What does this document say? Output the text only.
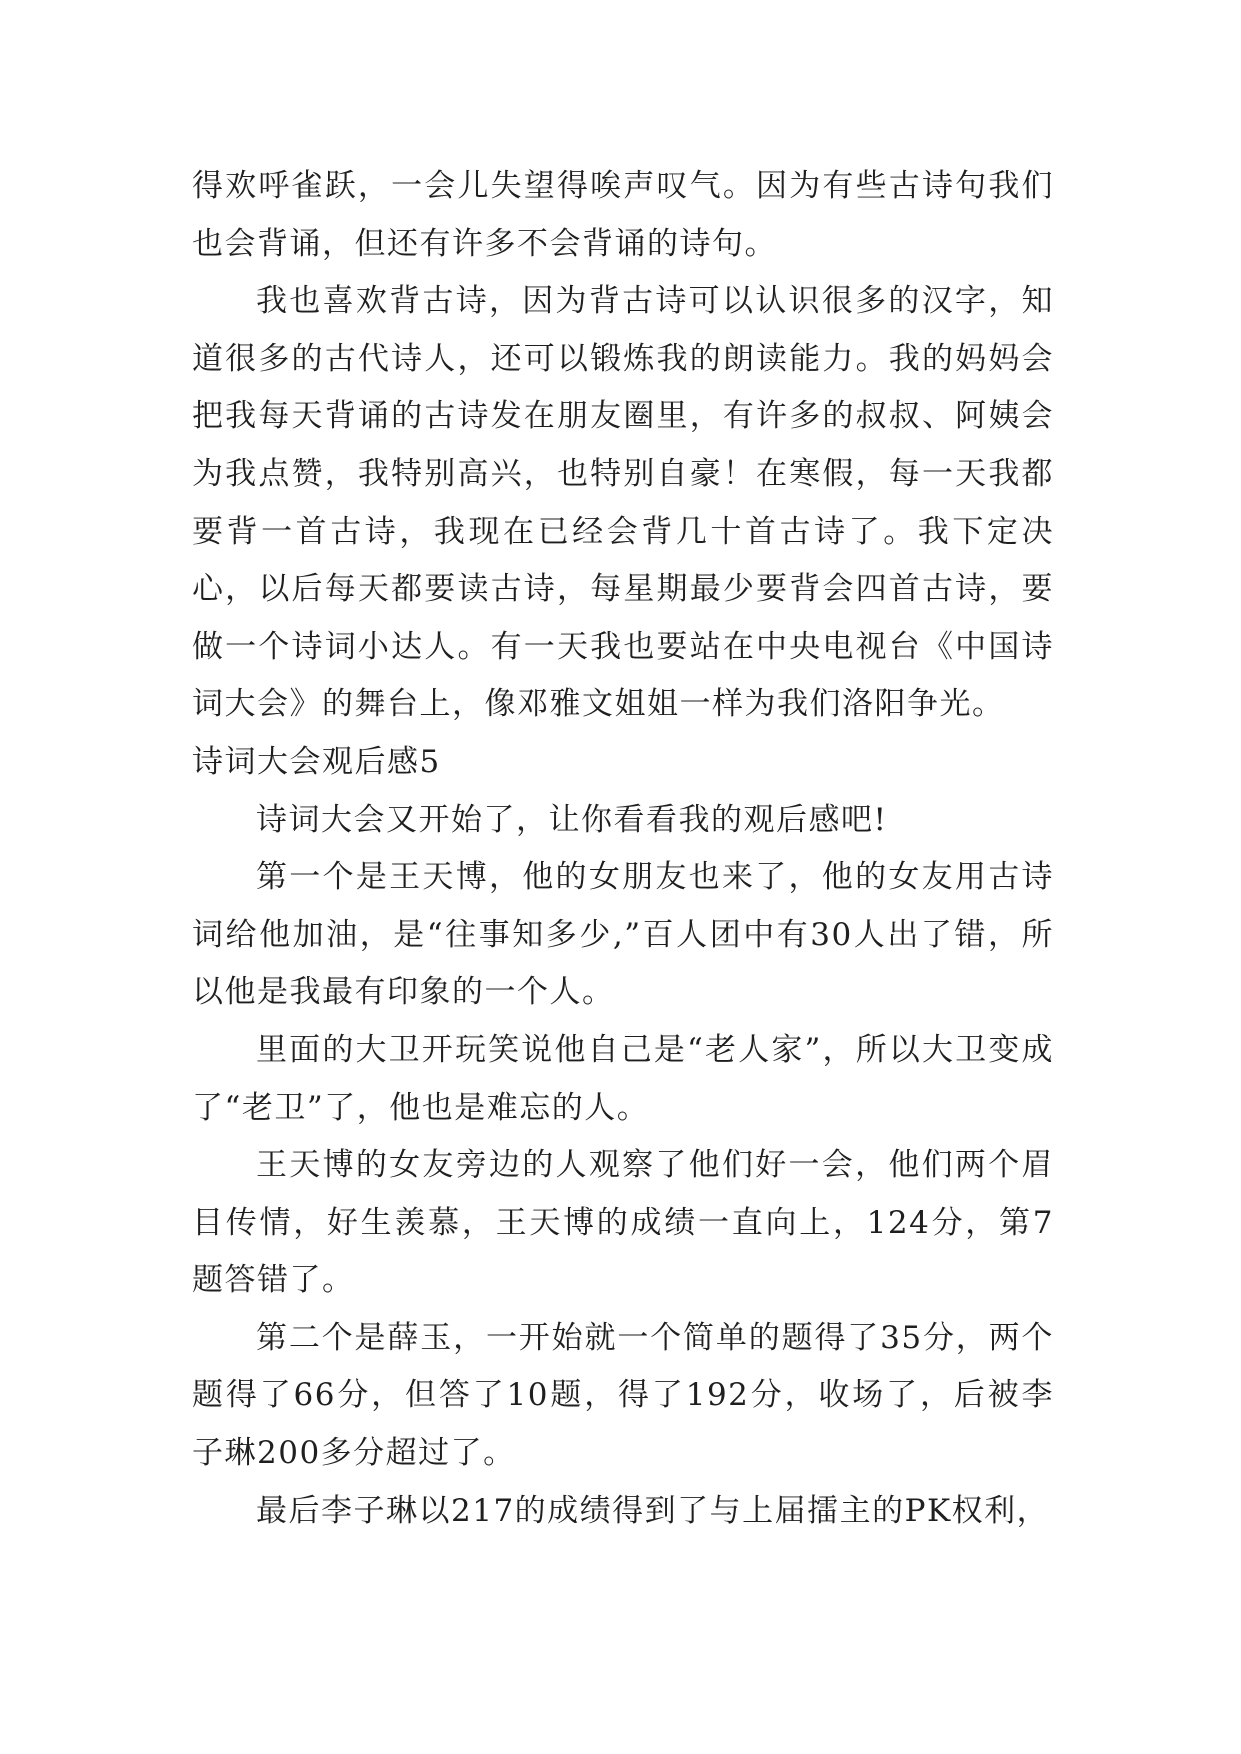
得欢呼雀跃，一会儿失望得唉声叹气。因为有些古诗句我们也会背诵，但还有许多不会背诵的诗句。

我也喜欢背古诗，因为背古诗可以认识很多的汉字，知道很多的古代诗人，还可以锻炼我的朗读能力。我的妈妈会把我每天背诵的古诗发在朋友圈里，有许多的叔叔、阿姨会为我点赞，我特别高兴，也特别自豪！在寒假，每一天我都要背一首古诗，我现在已经会背几十首古诗了。我下定决心，以后每天都要读古诗，每星期最少要背会四首古诗，要做一个诗词小达人。有一天我也要站在中央电视台《中国诗词大会》的舞台上，像邓雅文姐姐一样为我们洛阳争光。

诗词大会观后感5

诗词大会又开始了，让你看看我的观后感吧!

第一个是王天博，他的女朋友也来了，他的女友用古诗词给他加油，是“往事知多少,”百人团中有30人出了错，所以他是我最有印象的一个人。

里面的大卫开玩笑说他自己是“老人家”，所以大卫变成了“老卫”了，他也是难忘的人。

王天博的女友旁边的人观察了他们好一会，他们两个眉目传情，好生羡慕，王天博的成绩一直向上，124分，第7题答错了。

第二个是薛玉，一开始就一个简单的题得了35分，两个题得了66分，但答了10题，得了192分，收场了，后被李子琳200多分超过了。

最后李子琳以217的成绩得到了与上届擂主的PK权利，
